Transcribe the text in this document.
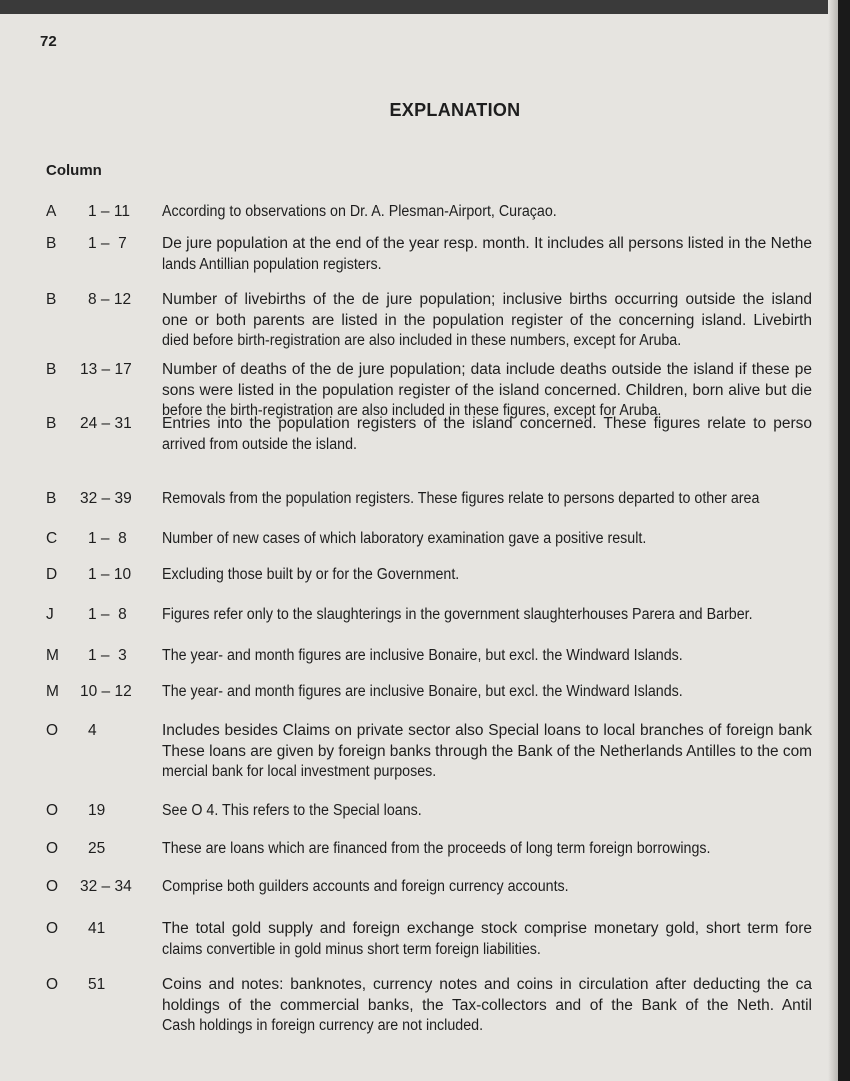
72
EXPLANATION
Column
A	1 – 11	According to observations on Dr. A. Plesman-Airport, Curaçao.
B	1 –  7	De jure population at the end of the year resp. month. It includes all persons listed in the Nethe
lands Antillian population registers.
B	8 – 12	Number of livebirths of the de jure population; inclusive births occurring outside the island
one or both parents are listed in the population register of the concerning island. Livebirth
died before birth-registration are also included in these numbers, except for Aruba.
B 13 – 17	Number of deaths of the de jure population; data include deaths outside the island if these pe
sons were listed in the population register of the island concerned. Children, born alive but die
before the birth-registration are also included in these figures, except for Aruba.
B 24 – 31	Entries into the population registers of the island concerned. These figures relate to perso
arrived from outside the island.
B 32 – 39	Removals from the population registers. These figures relate to persons departed to other area
C	1 –  8	Number of new cases of which laboratory examination gave a positive result.
D	1 – 10	Excluding those built by or for the Government.
J	1 –  8	Figures refer only to the slaughterings in the government slaughterhouses Parera and Barber.
M	1 –  3	The year- and month figures are inclusive Bonaire, but excl. the Windward Islands.
M 10 – 12	The year- and month figures are inclusive Bonaire, but excl. the Windward Islands.
O	4	Includes besides Claims on private sector also Special loans to local branches of foreign bank
These loans are given by foreign banks through the Bank of the Netherlands Antilles to the com
mercial bank for local investment purposes.
O	19	See O 4. This refers to the Special loans.
O	25	These are loans which are financed from the proceeds of long term foreign borrowings.
O 32 – 34	Comprise both guilders accounts and foreign currency accounts.
O	41	The total gold supply and foreign exchange stock comprise monetary gold, short term fore
claims convertible in gold minus short term foreign liabilities.
O	51	Coins and notes: banknotes, currency notes and coins in circulation after deducting the ca
holdings of the commercial banks, the Tax-collectors and of the Bank of the Neth. Antil
Cash holdings in foreign currency are not included.
